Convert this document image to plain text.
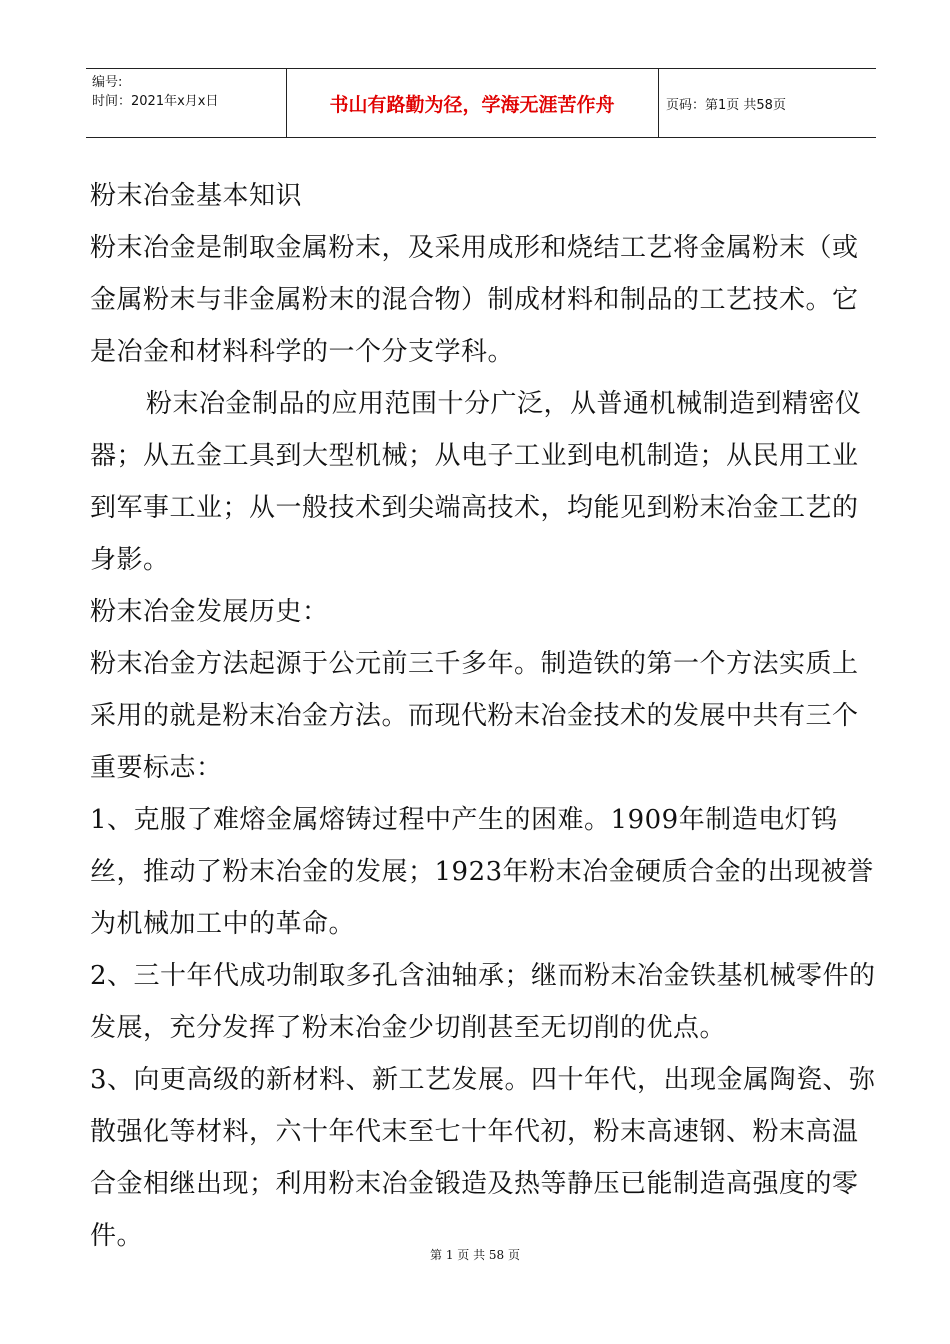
编号:
时间：2021年x月x日	书山有路勤为径，学海无涯苦作舟	页码：第1页 共58页

粉末冶金基本知识

粉末冶金是制取金属粉末，及采用成形和烧结工艺将金属粉末（或金属粉末与非金属粉末的混合物）制成材料和制品的工艺技术。它是冶金和材料科学的一个分支学科。

粉末冶金制品的应用范围十分广泛，从普通机械制造到精密仪器；从五金工具到大型机械；从电子工业到电机制造；从民用工业到军事工业；从一般技术到尖端高技术，均能见到粉末冶金工艺的身影。

粉末冶金发展历史：

粉末冶金方法起源于公元前三千多年。制造铁的第一个方法实质上采用的就是粉末冶金方法。而现代粉末冶金技术的发展中共有三个重要标志：

1、克服了难熔金属熔铸过程中产生的困难。1909年制造电灯钨丝，推动了粉末冶金的发展；1923年粉末冶金硬质合金的出现被誉为机械加工中的革命。

2、三十年代成功制取多孔含油轴承；继而粉末冶金铁基机械零件的发展，充分发挥了粉末冶金少切削甚至无切削的优点。

3、向更高级的新材料、新工艺发展。四十年代，出现金属陶瓷、弥散强化等材料，六十年代末至七十年代初，粉末高速钢、粉末高温合金相继出现；利用粉末冶金锻造及热等静压已能制造高强度的零件。

第 1 页 共 58 页
